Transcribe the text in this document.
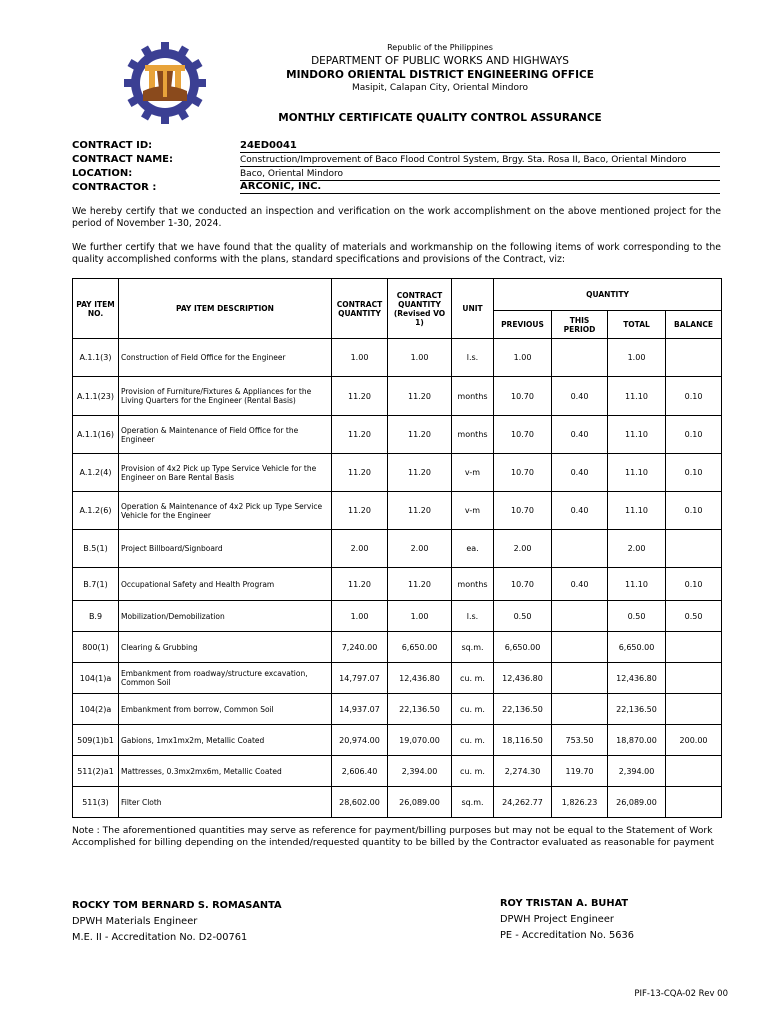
Republic of the Philippines
DEPARTMENT OF PUBLIC WORKS AND HIGHWAYS
MINDORO ORIENTAL DISTRICT ENGINEERING OFFICE
Masipit, Calapan City, Oriental Mindoro
MONTHLY CERTIFICATE QUALITY CONTROL ASSURANCE
CONTRACT ID:	24ED0041
CONTRACT NAME:	Construction/Improvement of Baco Flood Control System, Brgy. Sta. Rosa II, Baco, Oriental Mindoro
LOCATION:	Baco, Oriental Mindoro
CONTRACTOR :	ARCONIC, INC.
We hereby certify that we conducted an inspection and verification on the work accomplishment on the above mentioned project for the period of November 1-30, 2024.
We further certify that we have found that the quality of materials and workmanship on the following items of work corresponding to the quality accomplished conforms with the plans, standard specifications and provisions of the Contract, viz:
PAY ITEM NO.	PAY ITEM DESCRIPTION	CONTRACT QUANTITY	CONTRACT QUANTITY (Revised VO 1)	UNIT	QUANTITY			
					PREVIOUS	THIS PERIOD	TOTAL	BALANCE
A.1.1(3)	Construction of Field Office for the Engineer	1.00	1.00	l.s.	1.00		1.00	
A.1.1(23)	Provision of Furniture/Fixtures & Appliances for the Living Quarters for the Engineer (Rental Basis)	11.20	11.20	months	10.70	0.40	11.10	0.10
A.1.1(16)	Operation & Maintenance of Field Office for the Engineer	11.20	11.20	months	10.70	0.40	11.10	0.10
A.1.2(4)	Provision of 4x2 Pick up Type Service Vehicle for the Engineer on Bare Rental Basis	11.20	11.20	v-m	10.70	0.40	11.10	0.10
A.1.2(6)	Operation & Maintenance of 4x2 Pick up Type Service Vehicle for the Engineer	11.20	11.20	v-m	10.70	0.40	11.10	0.10
B.5(1)	Project Billboard/Signboard	2.00	2.00	ea.	2.00		2.00	
B.7(1)	Occupational Safety and Health Program	11.20	11.20	months	10.70	0.40	11.10	0.10
B.9	Mobilization/Demobilization	1.00	1.00	l.s.	0.50		0.50	0.50
800(1)	Clearing & Grubbing	7,240.00	6,650.00	sq.m.	6,650.00		6,650.00	
104(1)a	Embankment from roadway/structure excavation, Common Soil	14,797.07	12,436.80	cu. m.	12,436.80		12,436.80	
104(2)a	Embankment from borrow, Common Soil	14,937.07	22,136.50	cu. m.	22,136.50		22,136.50	
509(1)b1	Gabions, 1mx1mx2m, Metallic Coated	20,974.00	19,070.00	cu. m.	18,116.50	753.50	18,870.00	200.00
511(2)a1	Mattresses, 0.3mx2mx6m, Metallic Coated	2,606.40	2,394.00	cu. m.	2,274.30	119.70	2,394.00	
511(3)	Filter Cloth	28,602.00	26,089.00	sq.m.	24,262.77	1,826.23	26,089.00	
Note : The aforementioned quantities may serve as reference for payment/billing purposes but may not be equal to the Statement of Work Accomplished for billing depending on the intended/requested quantity to be billed by the Contractor evaluated as reasonable for payment
ROCKY TOM BERNARD S. ROMASANTA
DPWH Materials Engineer
M.E. II - Accreditation No. D2-00761
ROY TRISTAN A. BUHAT
DPWH Project Engineer
PE - Accreditation No. 5636
PIF-13-CQA-02 Rev 00
